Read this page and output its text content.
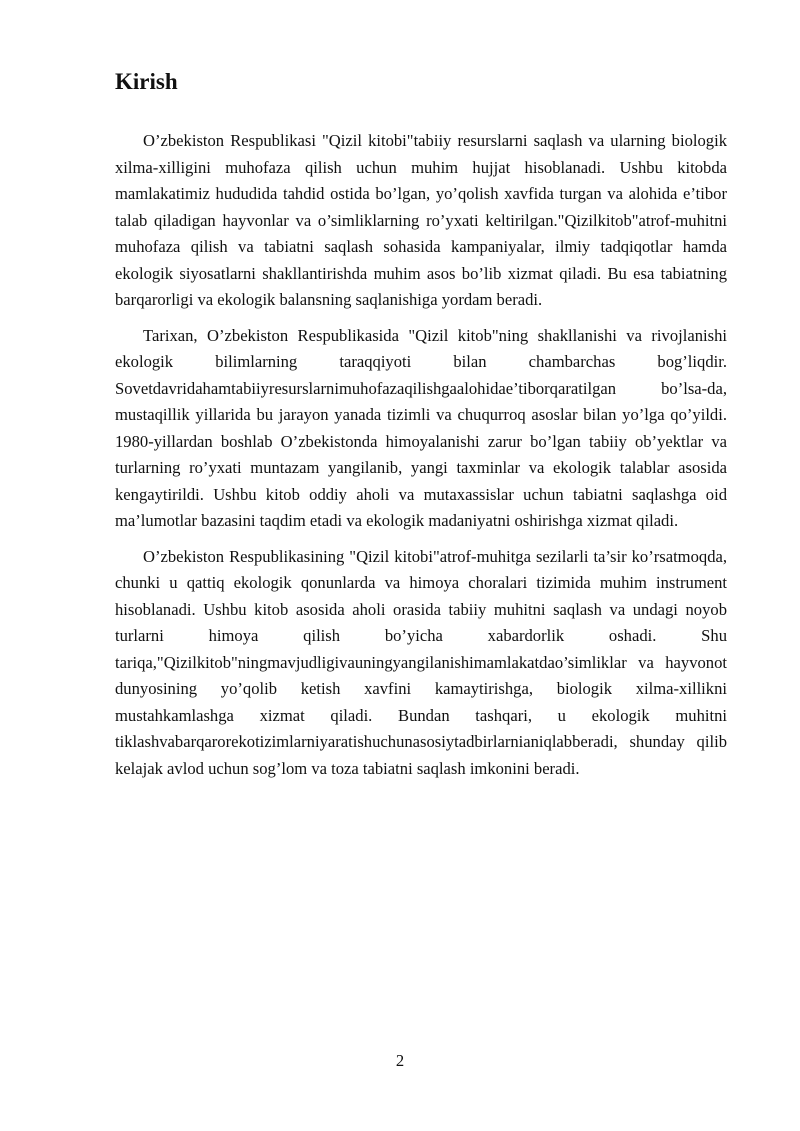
Kirish

O’zbekiston Respublikasi "Qizil kitobi"tabiiy resurslarni saqlash va ularning biologik xilma-xilligini muhofaza qilish uchun muhim hujjat hisoblanadi. Ushbu kitobda mamlakatimiz hududida tahdid ostida bo’lgan, yo’qolish xavfida turgan va alohida e’tibor talab qiladigan hayvonlar va o’simliklarning ro’yxati keltirilgan."Qizilkitob"atrof-muhitni muhofaza qilish va tabiatni saqlash sohasida kampaniyalar, ilmiy tadqiqotlar hamda ekologik siyosatlarni shakllantirishda muhim asos bo’lib xizmat qiladi. Bu esa tabiatning barqarorligi va ekologik balansning saqlanishiga yordam beradi.

Tarixan, O’zbekiston Respublikasida "Qizil kitob"ning shakllanishi va rivojlanishi ekologik bilimlarning taraqqiyoti bilan chambarchas bog’liqdir. Sovetdavridahamtabiiyresurslarnimuhofazaqilishgaalohidae’tiborqaratilgan bo’lsa-da, mustaqillik yillarida bu jarayon yanada tizimli va chuqurroq asoslar bilan yo’lga qo’yildi. 1980-yillardan boshlab O’zbekistonda himoyalanishi zarur bo’lgan tabiiy ob’yektlar va turlarning ro’yxati muntazam yangilanib, yangi taxminlar va ekologik talablar asosida kengaytirildi. Ushbu kitob oddiy aholi va mutaxassislar uchun tabiatni saqlashga oid ma’lumotlar bazasini taqdim etadi va ekologik madaniyatni oshirishga xizmat qiladi.

O’zbekiston Respublikasining "Qizil kitobi"atrof-muhitga sezilarli ta’sir ko’rsatmoqda, chunki u qattiq ekologik qonunlarda va himoya choralari tizimida muhim instrument hisoblanadi. Ushbu kitob asosida aholi orasida tabiiy muhitni saqlash va undagi noyob turlarni himoya qilish bo’yicha xabardorlik oshadi. Shu tariqa,"Qizilkitob"ningmavjudligivauningyangilanishimamlakatdao’simliklar va hayvonot dunyosining yo’qolib ketish xavfini kamaytirishga, biologik xilma-xillikni mustahkamlashga xizmat qiladi. Bundan tashqari, u ekologik muhitni tiklashvabarqarorekotizimlarniyaratishuchunasosiytadbirlarnianiqlabberadi, shunday qilib kelajak avlod uchun sog’lom va toza tabiatni saqlash imkonini beradi.

2
